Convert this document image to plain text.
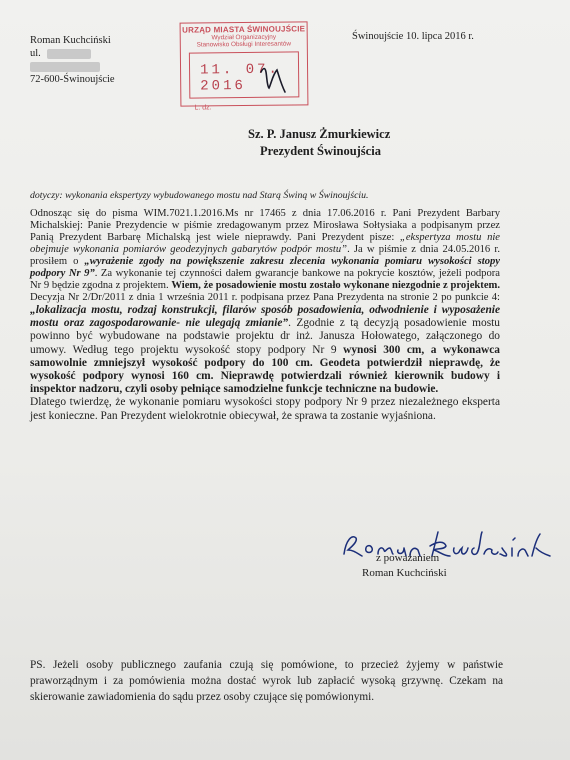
Roman Kuchciński
ul.
72-600-Świnoujście
URZĄD MIASTA ŚWINOUJŚCIE
Wydział Organizacyjny
Stanowisko Obsługi Interesantów
11. 07. 2016
L. dz.
Świnoujście 10. lipca 2016 r.
Sz. P. Janusz Żmurkiewicz
Prezydent Świnoujścia
dotyczy: wykonania ekspertyzy wybudowanego mostu nad Starą Świną w Świnoujściu.

Odnosząc się do pisma WIM.7021.1.2016.Ms nr 17465 z dnia 17.06.2016 r. Pani Prezydent Barbary Michalskiej: Panie Prezydencie w piśmie zredagowanym przez Mirosława Sołtysiaka a podpisanym przez Panią Prezydent Barbarę Michalską jest wiele nieprawdy. Pani Prezydent pisze: „ekspertyza mostu nie obejmuje wykonania pomiarów geodezyjnych gabarytów podpór mostu”. Ja w piśmie z dnia 24.05.2016 r. prosiłem o „wyrażenie zgody na powiększenie zakresu zlecenia wykonania pomiaru wysokości stopy podpory Nr 9”. Za wykonanie tej czynności dałem gwarancje bankowe na pokrycie kosztów, jeżeli podpora Nr 9 będzie zgodna z projektem. Wiem, że posadowienie mostu zostało wykonane niezgodnie z projektem. Decyzja Nr 2/Dr/2011 z dnia 1 września 2011 r. podpisana przez Pana Prezydenta na stronie 2 po punkcie 4: „lokalizacja mostu, rodzaj konstrukcji, filarów sposób posadowienia, odwodnienie i wyposażenie mostu oraz zagospodarowanie- nie ulegają zmianie”. Zgodnie z tą decyzją posadowienie mostu powinno być wybudowane na podstawie projektu dr inż. Janusza Hołowatego, załączonego do umowy. Według tego projektu wysokość stopy podpory Nr 9 wynosi 300 cm, a wykonawca samowolnie zmniejszył wysokość podpory do 100 cm. Geodeta potwierdził nieprawdę, że wysokość podpory wynosi 160 cm. Nieprawdę potwierdzali również kierownik budowy i inspektor nadzoru, czyli osoby pełniące samodzielne funkcje techniczne na budowie.

Dlatego twierdzę, że wykonanie pomiaru wysokości stopy podpory Nr 9 przez niezależnego eksperta jest konieczne. Pan Prezydent wielokrotnie obiecywał, że sprawa ta zostanie wyjaśniona.

z poważaniem
Roman Kuchciński
PS. Jeżeli osoby publicznego zaufania czują się pomówione, to przecież żyjemy w państwie praworządnym i za pomówienia można dostać wyrok lub zapłacić wysoką grzywnę. Czekam na skierowanie zawiadomienia do sądu przez osoby czujące się pomówionymi.
